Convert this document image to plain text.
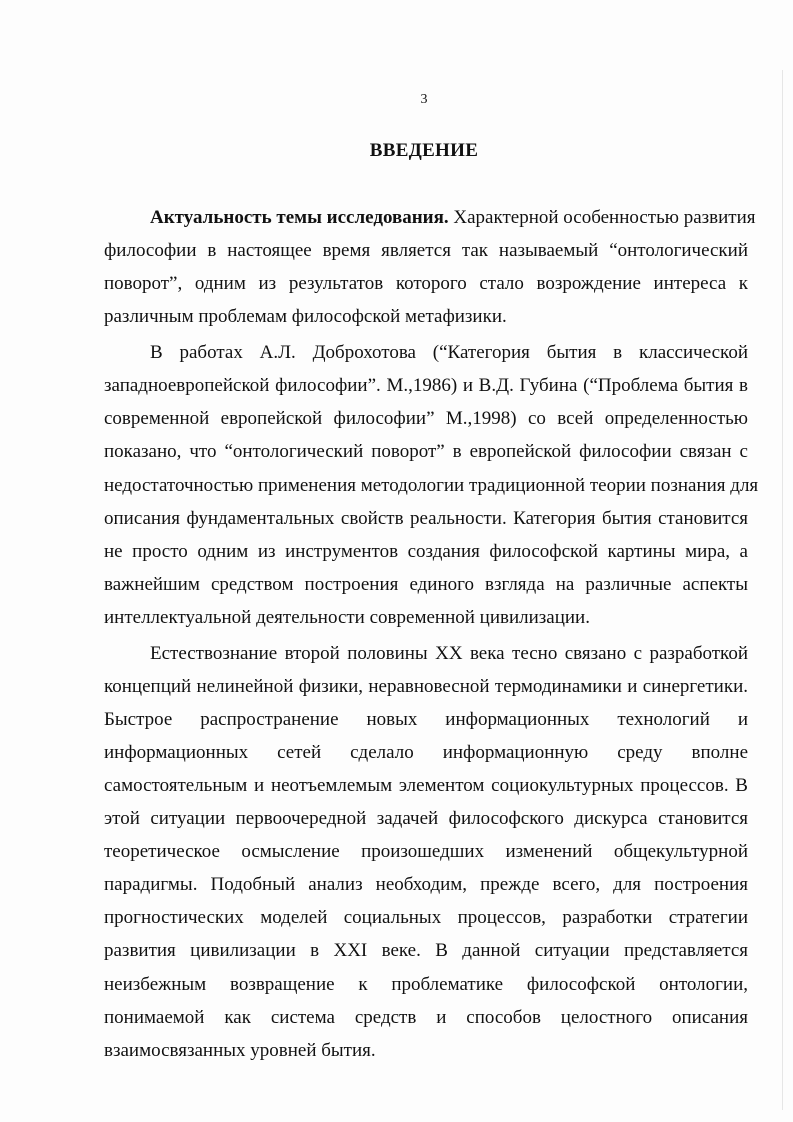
3
ВВЕДЕНИЕ
Актуальность темы исследования. Характерной особенностью развития
философии в настоящее время является так называемый “онтологический
поворот”, одним из результатов которого стало возрождение интереса к
различным проблемам философской метафизики.
В работах А.Л. Доброхотова (“Категория бытия в классической
западноевропейской философии”. М.,1986) и В.Д. Губина (“Проблема бытия в
современной европейской философии” М.,1998) со всей определенностью
показано, что “онтологический поворот” в европейской философии связан с
недостаточностью применения методологии традиционной теории познания для
описания фундаментальных свойств реальности. Категория бытия становится
не просто одним из инструментов создания философской картины мира, а
важнейшим средством построения единого взгляда на различные аспекты
интеллектуальной деятельности современной цивилизации.
Естествознание второй половины XX века тесно связано с разработкой
концепций нелинейной физики, неравновесной термодинамики и синергетики.
Быстрое распространение новых информационных технологий и
информационных сетей сделало информационную среду вполне
самостоятельным и неотъемлемым элементом социокультурных процессов. В
этой ситуации первоочередной задачей философского дискурса становится
теоретическое осмысление произошедших изменений общекультурной
парадигмы. Подобный анализ необходим, прежде всего, для построения
прогностических моделей социальных процессов, разработки стратегии
развития цивилизации в XXI веке. В данной ситуации представляется
неизбежным возвращение к проблематике философской онтологии,
понимаемой как система средств и способов целостного описания
взаимосвязанных уровней бытия.
